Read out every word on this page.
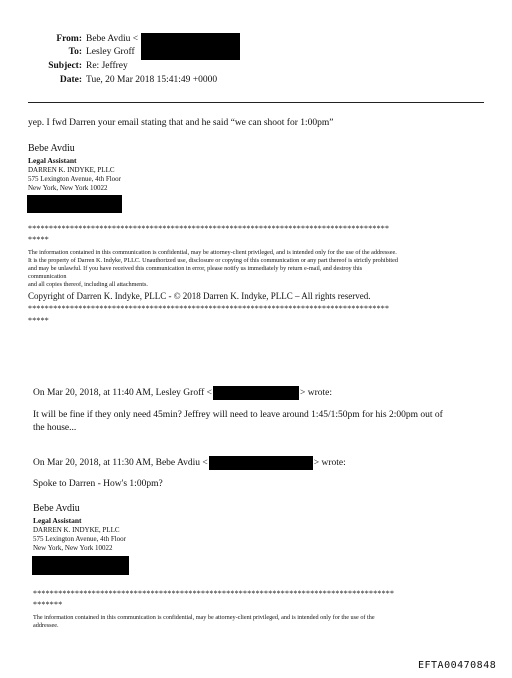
From: Bebe Avdiu <
To: Lesley Groff
Subject: Re: Jeffrey
Date: Tue, 20 Mar 2018 15:41:49 +0000
yep. I fwd Darren your email stating that and he said “we can shoot for 1:00pm”
Bebe Avdiu
Legal Assistant
DARREN K. INDYKE, PLLC
575 Lexington Avenue, 4th Floor
New York, New York 10022
**************************************************************************************
*****
The information contained in this communication is confidential, may be attorney-client privileged, and is intended only for the use of the addressee.
It is the property of Darren K. Indyke, PLLC. Unauthorized use, disclosure or copying of this communication or any part thereof is strictly prohibited
and may be unlawful. If you have received this communication in error, please notify us immediately by return e-mail, and destroy this
communication
and all copies thereof, including all attachments.
Copyright of Darren K. Indyke, PLLC - © 2018 Darren K. Indyke, PLLC – All rights reserved.
**************************************************************************************
*****
On Mar 20, 2018, at 11:40 AM, Lesley Groff <	> wrote:
It will be fine if they only need 45min? Jeffrey will need to leave around 1:45/1:50pm for his 2:00pm out of
the house...
On Mar 20, 2018, at 11:30 AM, Bebe Avdiu <	> wrote:
Spoke to Darren - How's 1:00pm?
Bebe Avdiu
Legal Assistant
DARREN K. INDYKE, PLLC
575 Lexington Avenue, 4th Floor
New York, New York 10022
**************************************************************************************
*******
The information contained in this communication is confidential, may be attorney-client privileged, and is intended only for the use of the
addressee.
EFTA00470848
